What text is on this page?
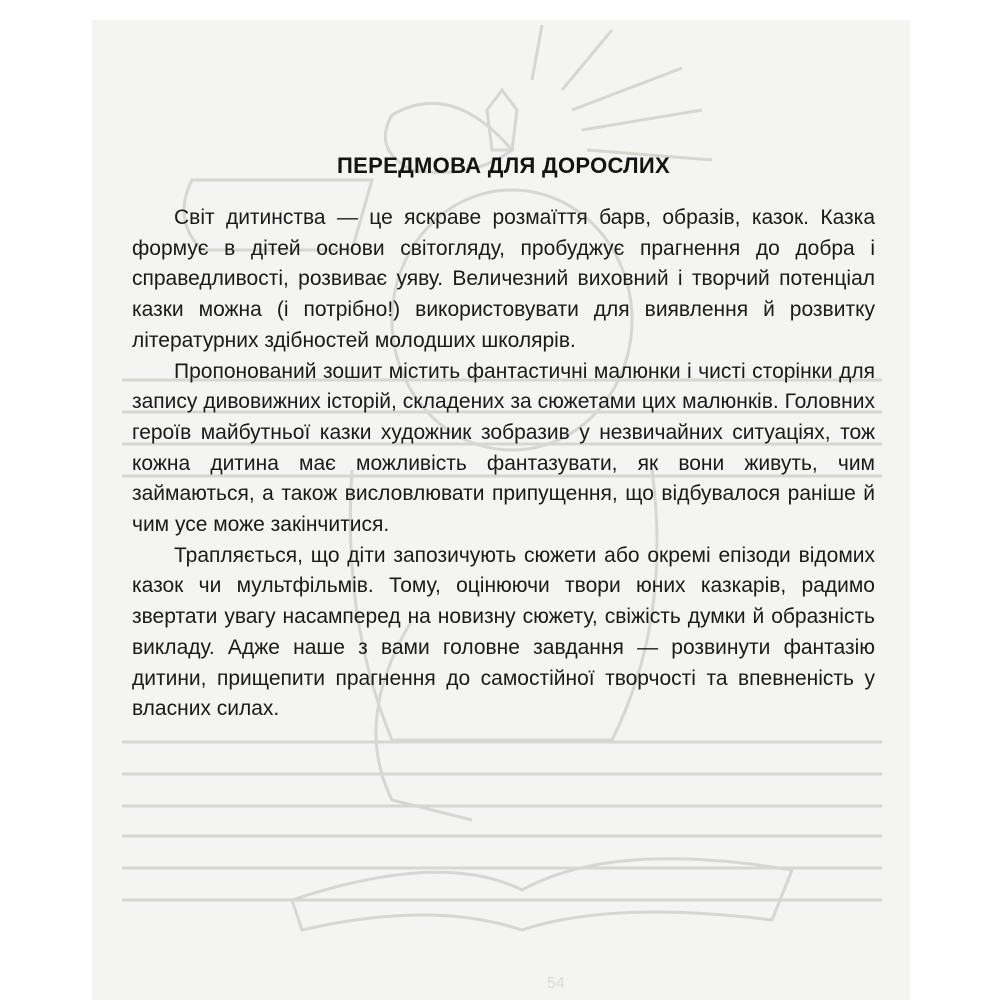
ПЕРЕДМОВА ДЛЯ ДОРОСЛИХ

Світ дитинства — це яскраве розмаїття барв, образів, казок. Казка формує в дітей основи світогляду, пробуджує прагнення до добра і справедливості, розвиває уяву. Величезний виховний і творчий потенціал казки можна (і потрібно!) використовувати для виявлення й розвитку літературних здібностей молодших школярів.

Пропонований зошит містить фантастичні малюнки і чисті сторінки для запису дивовижних історій, складених за сюжетами цих малюнків. Головних героїв майбутньої казки художник зобразив у незвичайних ситуаціях, тож кожна дитина має можливість фантазувати, як вони живуть, чим займаються, а також висловлювати припущення, що відбувалося раніше й чим усе може закінчитися.

Трапляється, що діти запозичують сюжети або окремі епізоди відомих казок чи мультфільмів. Тому, оцінюючи твори юних казкарів, радимо звертати увагу насамперед на новизну сюжету, свіжість думки й образність викладу. Адже наше з вами головне завдання — розвинути фантазію дитини, прищепити прагнення до самостійної творчості та впевненість у власних силах.

54
